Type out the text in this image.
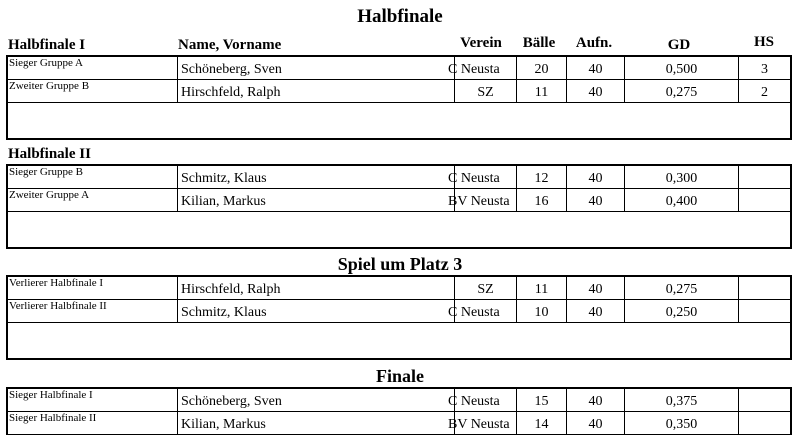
Halbfinale
Halbfinale I	Name, Vorname	Verein	Bälle	Aufn.	GD	HS
Sieger Gruppe A	Schöneberg, Sven	C Neusta	20	40	0,500	3
Zweiter Gruppe B	Hirschfeld, Ralph	SZ	11	40	0,275	2
Halbfinale II
Sieger Gruppe B	Schmitz, Klaus	C Neusta	12	40	0,300
Zweiter Gruppe A	Kilian, Markus	BV Neusta	16	40	0,400
Spiel um Platz 3
Verlierer Halbfinale I	Hirschfeld, Ralph	SZ	11	40	0,275
Verlierer Halbfinale II	Schmitz, Klaus	C Neusta	10	40	0,250
Finale
Sieger Halbfinale I	Schöneberg, Sven	C Neusta	15	40	0,375
Sieger Halbfinale II	Kilian, Markus	BV Neusta	14	40	0,350
